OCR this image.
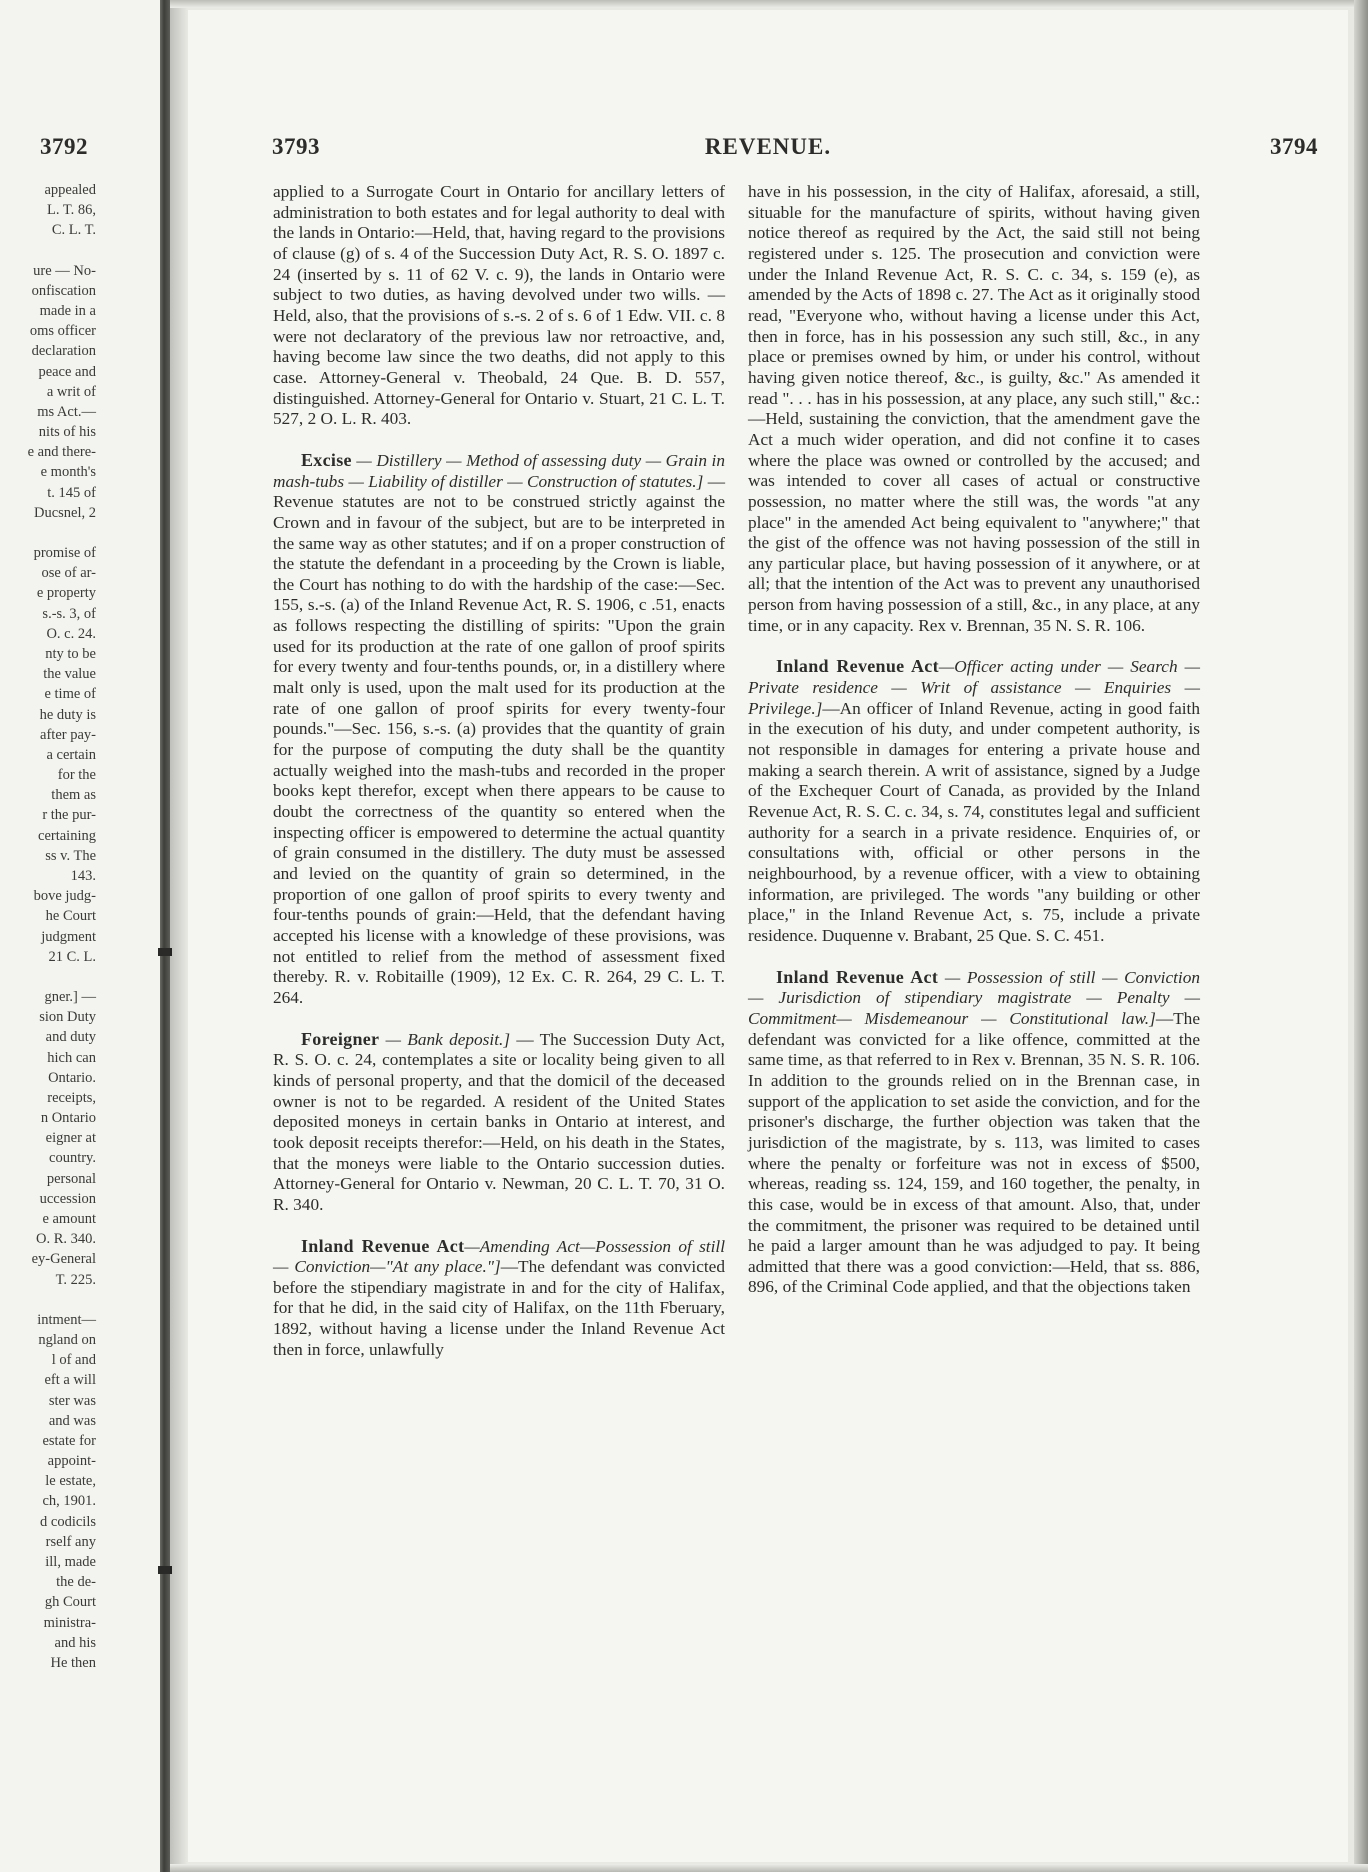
3792
appealed
L. T. 86,
C. L. T.
ure — No-
onfiscation
made in a
oms officer
declaration
peace and
a writ of
ms Act.—
nits of his
e and there-
e month's
t. 145 of
Ducsnel, 2
promise of
ose of ar-
e property
s.-s. 3, of
O. c. 24.
nty to be
the value
e time of
he duty is
after pay-
a certain
for the
them as
r the pur-
certaining
ss v. The
143.
bove judg-
he Court
judgment
21 C. L.
gner.] —
sion Duty
and duty
hich can
Ontario.
receipts,
n Ontario
eigner at
country.
personal
uccession
e amount
O. R. 340.
ey-General
T. 225.
intment—
ngland on
l of and
eft a will
ster was
and was
estate for
appoint-
le estate,
ch, 1901.
d codicils
rself any
ill, made
the de-
gh Court
ministra-
and his
He then
REVENUE.
3793	3794

applied to a Surrogate Court in Ontario for ancillary letters of administration to both estates and for legal authority to deal with the lands in Ontario:—Held, that, having regard to the provisions of clause (g) of s. 4 of the Succession Duty Act, R. S. O. 1897 c. 24 (inserted by s. 11 of 62 V. c. 9), the lands in Ontario were subject to two duties, as having devolved under two wills. —Held, also, that the provisions of s.-s. 2 of s. 6 of 1 Edw. VII. c. 8 were not declaratory of the previous law nor retroactive, and, having become law since the two deaths, did not apply to this case. Attorney-General v. Theobald, 24 Que. B. D. 557, distinguished. Attorney-General for Ontario v. Stuart, 21 C. L. T. 527, 2 O. L. R. 403.

Excise — Distillery — Method of assessing duty — Grain in mash-tubs — Liability of distiller — Construction of statutes.] — Revenue statutes are not to be construed strictly against the Crown and in favour of the subject, but are to be interpreted in the same way as other statutes; and if on a proper construction of the statute the defendant in a proceeding by the Crown is liable, the Court has nothing to do with the hardship of the case:—Sec. 155, s.-s. (a) of the Inland Revenue Act, R. S. 1906, c .51, enacts as follows respecting the distilling of spirits: "Upon the grain used for its production at the rate of one gallon of proof spirits for every twenty and four-tenths pounds, or, in a distillery where malt only is used, upon the malt used for its production at the rate of one gallon of proof spirits for every twenty-four pounds."—Sec. 156, s.-s. (a) provides that the quantity of grain for the purpose of computing the duty shall be the quantity actually weighed into the mash-tubs and recorded in the proper books kept therefor, except when there appears to be cause to doubt the correctness of the quantity so entered when the inspecting officer is empowered to determine the actual quantity of grain consumed in the distillery. The duty must be assessed and levied on the quantity of grain so determined, in the proportion of one gallon of proof spirits to every twenty and four-tenths pounds of grain:—Held, that the defendant having accepted his license with a knowledge of these provisions, was not entitled to relief from the method of assessment fixed thereby. R. v. Robitaille (1909), 12 Ex. C. R. 264, 29 C. L. T. 264.

Foreigner — Bank deposit.] — The Succession Duty Act, R. S. O. c. 24, contemplates a site or locality being given to all kinds of personal property, and that the domicil of the deceased owner is not to be regarded. A resident of the United States deposited moneys in certain banks in Ontario at interest, and took deposit receipts therefor:—Held, on his death in the States, that the moneys were liable to the Ontario succession duties. Attorney-General for Ontario v. Newman, 20 C. L. T. 70, 31 O. R. 340.

Inland Revenue Act—Amending Act—Possession of still — Conviction—"At any place."]—The defendant was convicted before the stipendiary magistrate in and for the city of Halifax, for that he did, in the said city of Halifax, on the 11th Fberuary, 1892, without having a license under the Inland Revenue Act then in force, unlawfully

have in his possession, in the city of Halifax, aforesaid, a still, situable for the manufacture of spirits, without having given notice thereof as required by the Act, the said still not being registered under s. 125. The prosecution and conviction were under the Inland Revenue Act, R. S. C. c. 34, s. 159 (e), as amended by the Acts of 1898 c. 27. The Act as it originally stood read, "Everyone who, without having a license under this Act, then in force, has in his possession any such still, &c., in any place or premises owned by him, or under his control, without having given notice thereof, &c., is guilty, &c." As amended it read ". . . has in his possession, at any place, any such still," &c.:—Held, sustaining the conviction, that the amendment gave the Act a much wider operation, and did not confine it to cases where the place was owned or controlled by the accused; and was intended to cover all cases of actual or constructive possession, no matter where the still was, the words "at any place" in the amended Act being equivalent to "anywhere;" that the gist of the offence was not having possession of the still in any particular place, but having possession of it anywhere, or at all; that the intention of the Act was to prevent any unauthorised person from having possession of a still, &c., in any place, at any time, or in any capacity. Rex v. Brennan, 35 N. S. R. 106.

Inland Revenue Act—Officer acting under — Search — Private residence — Writ of assistance — Enquiries — Privilege.]—An officer of Inland Revenue, acting in good faith in the execution of his duty, and under competent authority, is not responsible in damages for entering a private house and making a search therein. A writ of assistance, signed by a Judge of the Exchequer Court of Canada, as provided by the Inland Revenue Act, R. S. C. c. 34, s. 74, constitutes legal and sufficient authority for a search in a private residence. Enquiries of, or consultations with, official or other persons in the neighbourhood, by a revenue officer, with a view to obtaining information, are privileged. The words "any building or other place," in the Inland Revenue Act, s. 75, include a private residence. Duquenne v. Brabant, 25 Que. S. C. 451.

Inland Revenue Act — Possession of still — Conviction — Jurisdiction of stipendiary magistrate — Penalty — Commitment— Misdemeanour — Constitutional law.]—The defendant was convicted for a like offence, committed at the same time, as that referred to in Rex v. Brennan, 35 N. S. R. 106. In addition to the grounds relied on in the Brennan case, in support of the application to set aside the conviction, and for the prisoner's discharge, the further objection was taken that the jurisdiction of the magistrate, by s. 113, was limited to cases where the penalty or forfeiture was not in excess of $500, whereas, reading ss. 124, 159, and 160 together, the penalty, in this case, would be in excess of that amount. Also, that, under the commitment, the prisoner was required to be detained until he paid a larger amount than he was adjudged to pay. It being admitted that there was a good conviction:—Held, that ss. 886, 896, of the Criminal Code applied, and that the objections taken
